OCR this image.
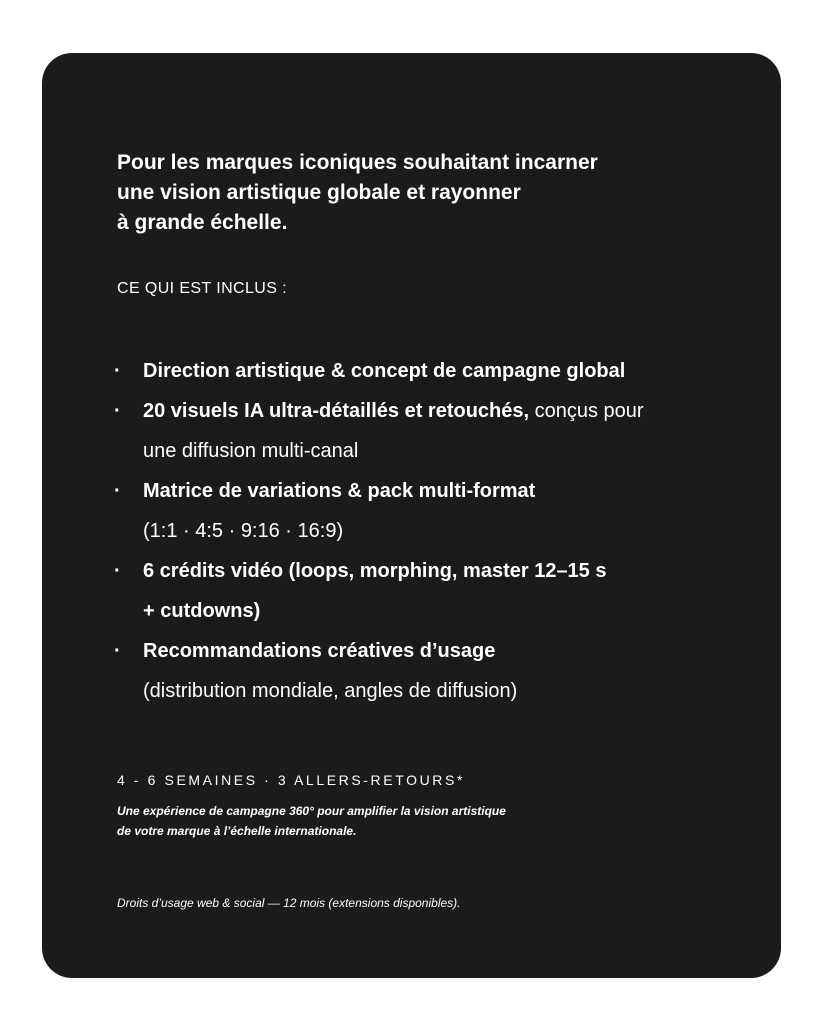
Pour les marques iconiques souhaitant incarner
une vision artistique globale et rayonner
à grande échelle.

CE QUI EST INCLUS :

· Direction artistique & concept de campagne global
· 20 visuels IA ultra-détaillés et retouchés, conçus pour
une diffusion multi-canal
· Matrice de variations & pack multi-format
(1:1 · 4:5 · 9:16 · 16:9)
· 6 crédits vidéo (loops, morphing, master 12–15 s
+ cutdowns)
· Recommandations créatives d’usage
(distribution mondiale, angles de diffusion)

4 - 6 SEMAINES · 3 ALLERS-RETOURS*

Une expérience de campagne 360° pour amplifier la vision artistique
de votre marque à l’échelle internationale.

Droits d’usage web & social — 12 mois (extensions disponibles).
